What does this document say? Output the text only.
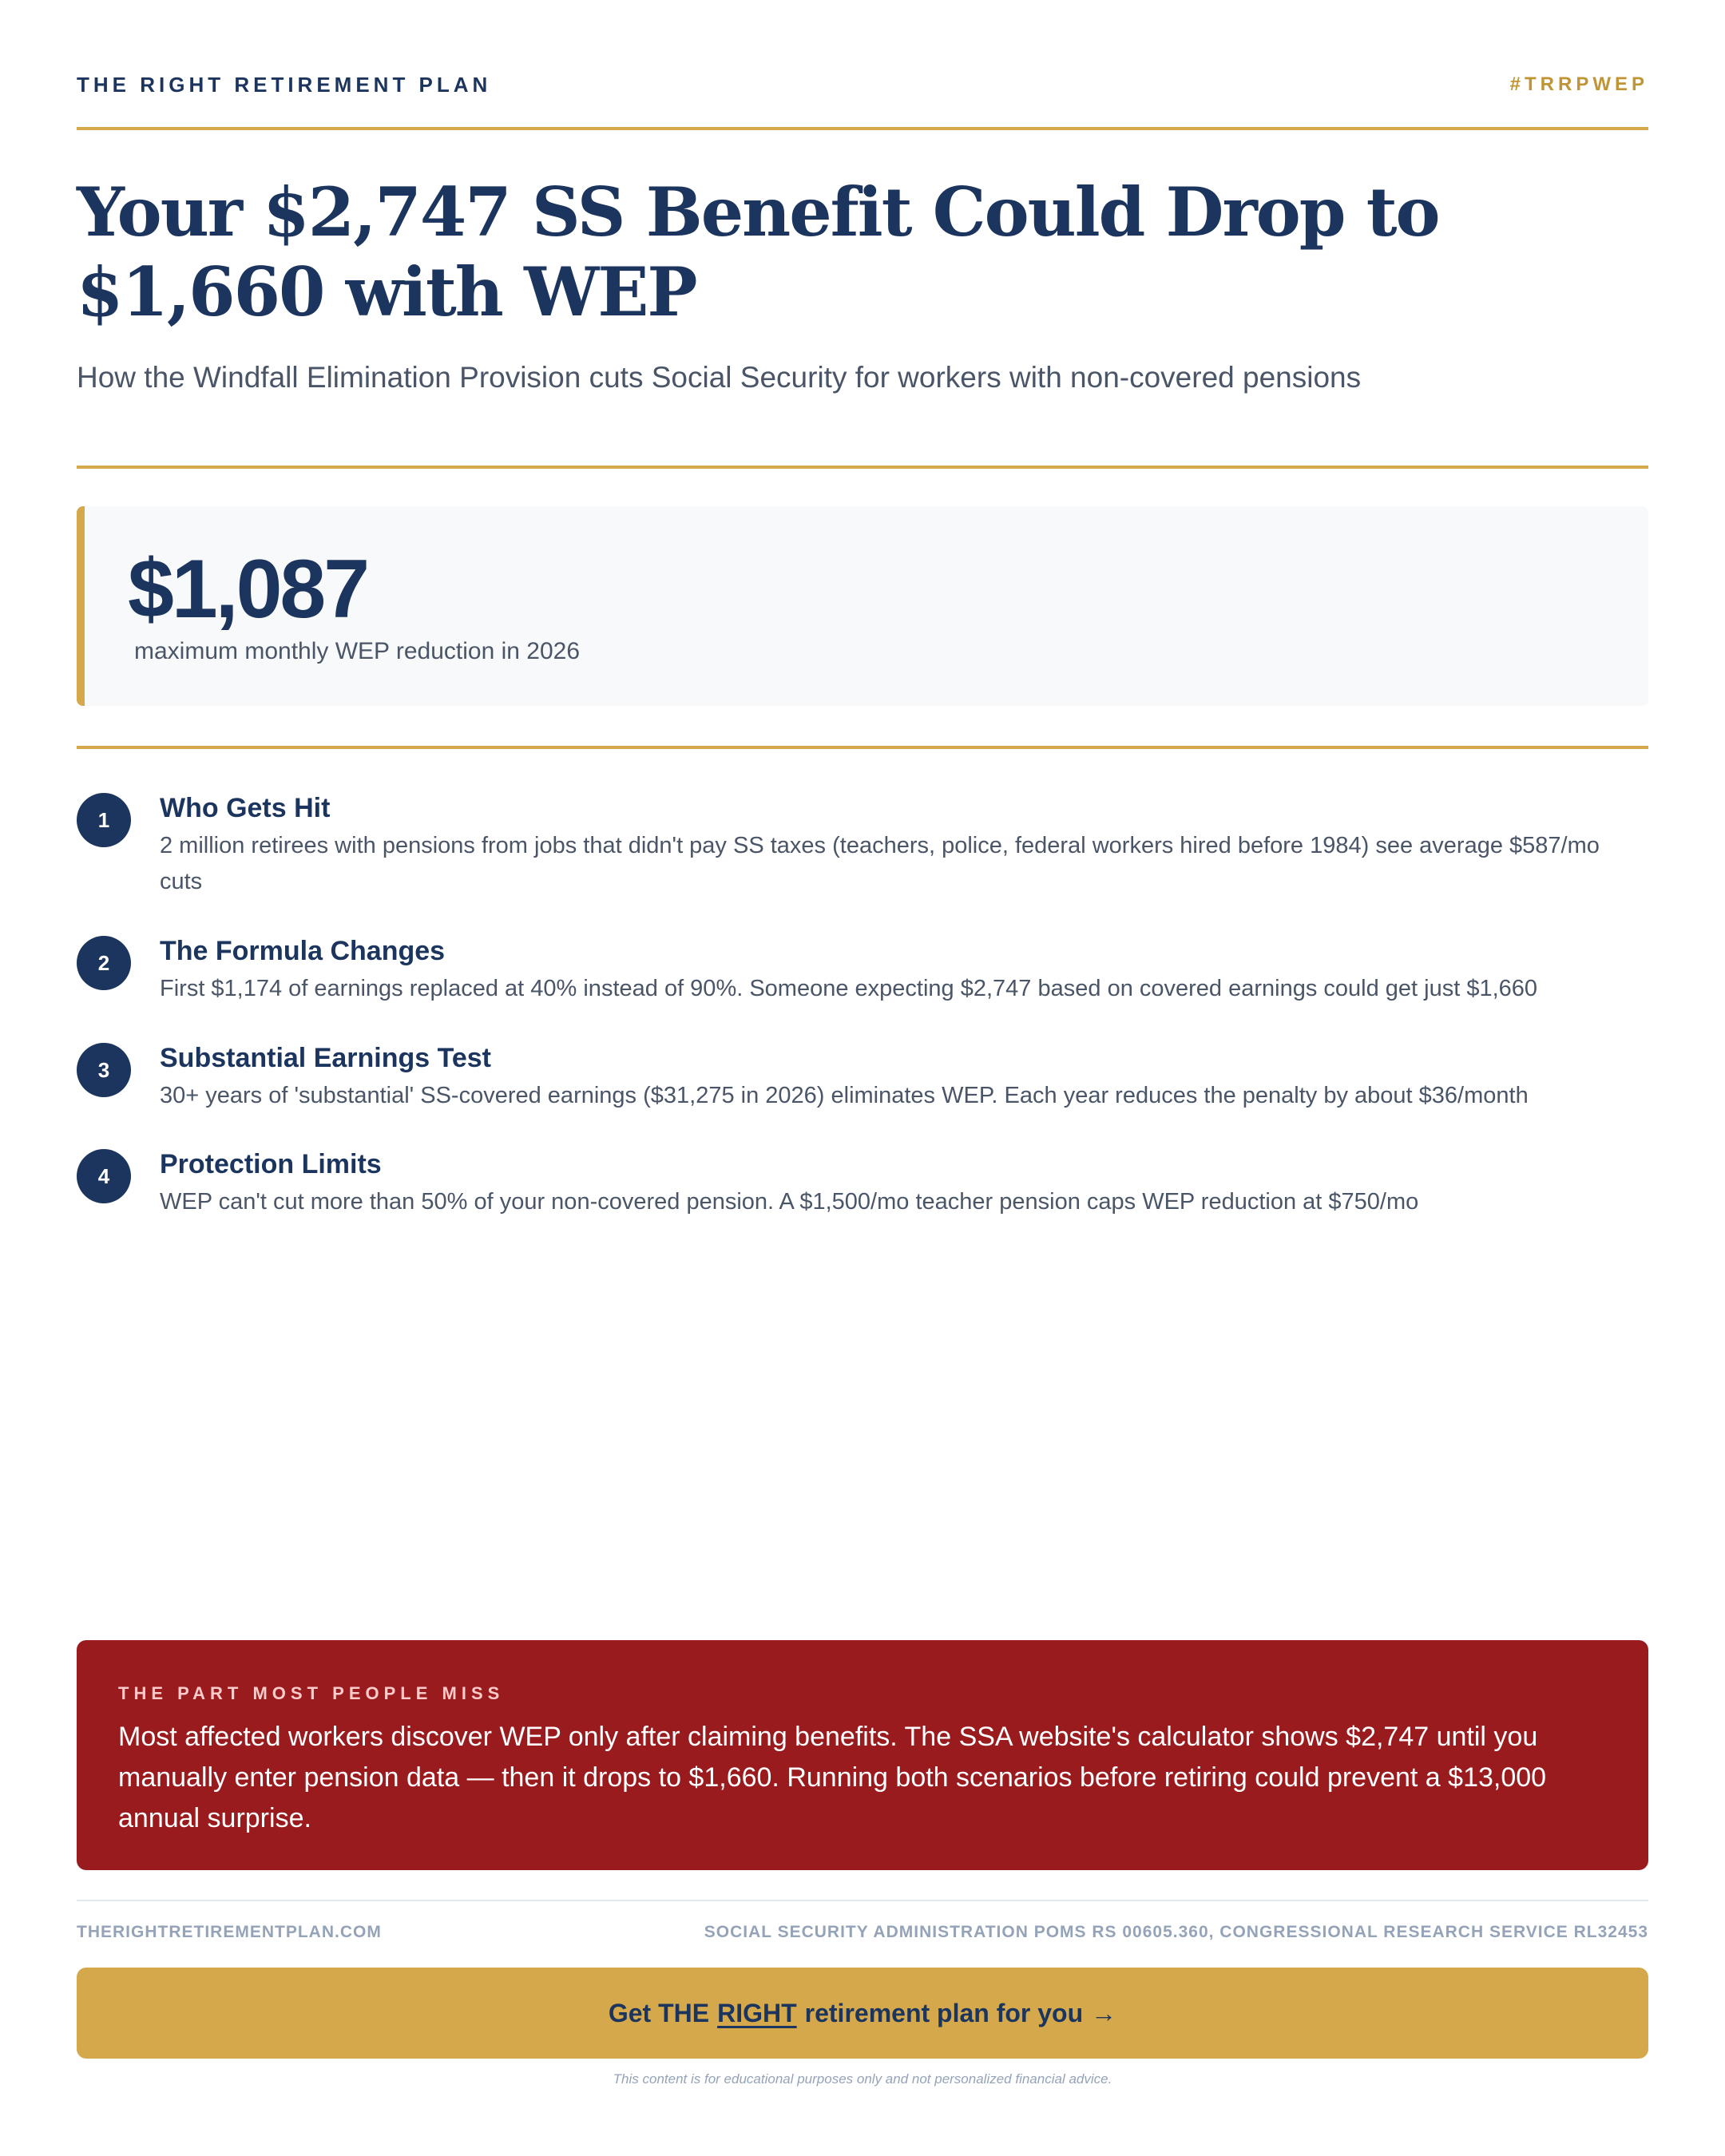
THE RIGHT RETIREMENT PLAN	#TRRPWEP
Your $2,747 SS Benefit Could Drop to $1,660 with WEP

How the Windfall Elimination Provision cuts Social Security for workers with non-covered pensions

$1,087
maximum monthly WEP reduction in 2026
1	Who Gets Hit
2 million retirees with pensions from jobs that didn't pay SS taxes (teachers, police, federal workers hired before 1984) see average $587/mo cuts
2	The Formula Changes
First $1,174 of earnings replaced at 40% instead of 90%. Someone expecting $2,747 based on covered earnings could get just $1,660
3	Substantial Earnings Test
30+ years of 'substantial' SS-covered earnings ($31,275 in 2026) eliminates WEP. Each year reduces the penalty by about $36/month
4	Protection Limits
WEP can't cut more than 50% of your non-covered pension. A $1,500/mo teacher pension caps WEP reduction at $750/mo
THE PART MOST PEOPLE MISS
Most affected workers discover WEP only after claiming benefits. The SSA website's calculator shows $2,747 until you manually enter pension data — then it drops to $1,660. Running both scenarios before retiring could prevent a $13,000 annual surprise.
THERIGHTRETIREMENTPLAN.COM	SOCIAL SECURITY ADMINISTRATION POMS RS 00605.360, CONGRESSIONAL RESEARCH SERVICE RL32453
Get THE RIGHT retirement plan for you →
This content is for educational purposes only and not personalized financial advice.
